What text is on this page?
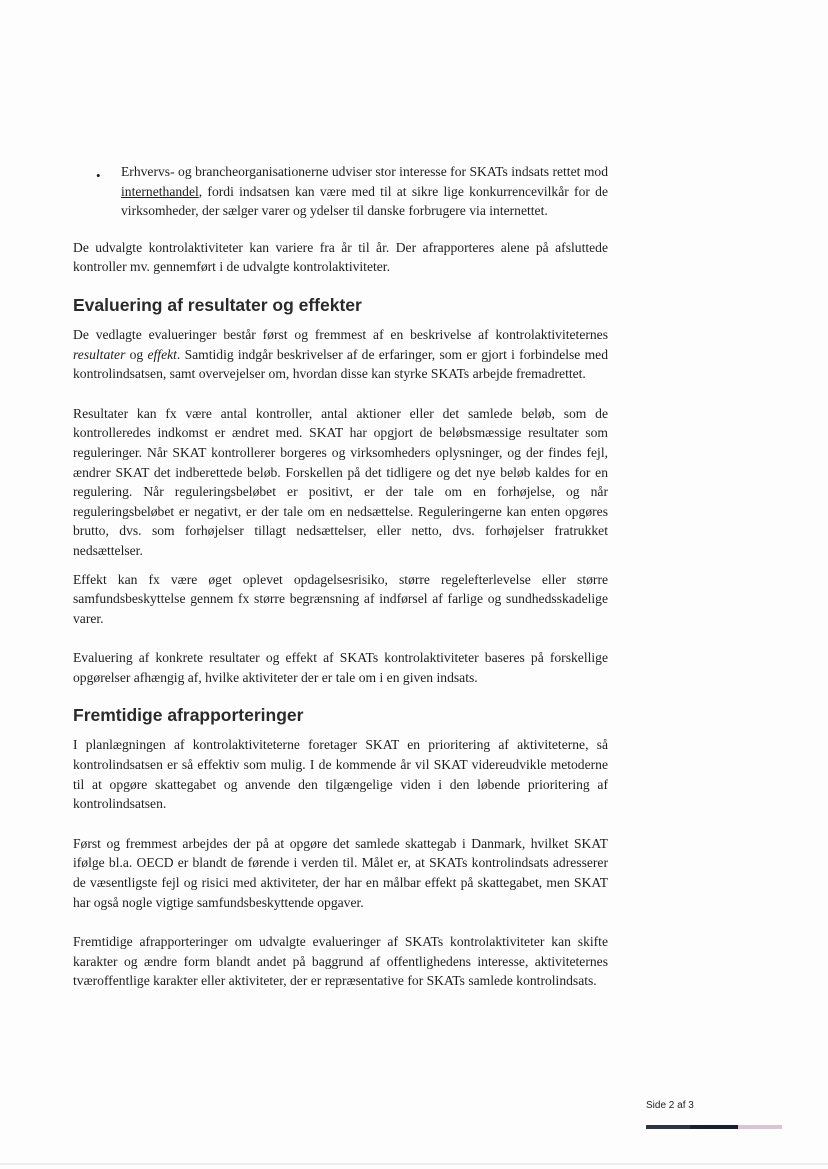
• Erhvervs- og brancheorganisationerne udviser stor interesse for SKATs indsats rettet mod internethandel, fordi indsatsen kan være med til at sikre lige konkurrencevilkår for de virksomheder, der sælger varer og ydelser til danske forbrugere via internettet.

De udvalgte kontrolaktiviteter kan variere fra år til år. Der afrapporteres alene på afsluttede kontroller mv. gennemført i de udvalgte kontrolaktiviteter.

Evaluering af resultater og effekter

De vedlagte evalueringer består først og fremmest af en beskrivelse af kontrolaktiviteternes resultater og effekt. Samtidig indgår beskrivelser af de erfaringer, som er gjort i forbindelse med kontrolindsatsen, samt overvejelser om, hvordan disse kan styrke SKATs arbejde fremadrettet.

Resultater kan fx være antal kontroller, antal aktioner eller det samlede beløb, som de kontrolleredes indkomst er ændret med. SKAT har opgjort de beløbsmæssige resultater som reguleringer. Når SKAT kontrollerer borgeres og virksomheders oplysninger, og der findes fejl, ændrer SKAT det indberettede beløb. Forskellen på det tidligere og det nye beløb kaldes for en regulering. Når reguleringsbeløbet er positivt, er der tale om en forhøjelse, og når reguleringsbeløbet er negativt, er der tale om en nedsættelse. Reguleringerne kan enten opgøres brutto, dvs. som forhøjelser tillagt nedsættelser, eller netto, dvs. forhøjelser fratrukket nedsættelser.

Effekt kan fx være øget oplevet opdagelsesrisiko, større regelefterlevelse eller større samfundsbeskyttelse gennem fx større begrænsning af indførsel af farlige og sundhedsskadelige varer.

Evaluering af konkrete resultater og effekt af SKATs kontrolaktiviteter baseres på forskellige opgørelser afhængig af, hvilke aktiviteter der er tale om i en given indsats.

Fremtidige afrapporteringer

I planlægningen af kontrolaktiviteterne foretager SKAT en prioritering af aktiviteterne, så kontrolindsatsen er så effektiv som mulig. I de kommende år vil SKAT videreudvikle metoderne til at opgøre skattegabet og anvende den tilgængelige viden i den løbende prioritering af kontrolindsatsen.

Først og fremmest arbejdes der på at opgøre det samlede skattegab i Danmark, hvilket SKAT ifølge bl.a. OECD er blandt de førende i verden til. Målet er, at SKATs kontrolindsats adresserer de væsentligste fejl og risici med aktiviteter, der har en målbar effekt på skattegabet, men SKAT har også nogle vigtige samfundsbeskyttende opgaver.

Fremtidige afrapporteringer om udvalgte evalueringer af SKATs kontrolaktiviteter kan skifte karakter og ændre form blandt andet på baggrund af offentlighedens interesse, aktiviteternes tværoffentlige karakter eller aktiviteter, der er repræsentative for SKATs samlede kontrolindsats.

Side 2 af 3
